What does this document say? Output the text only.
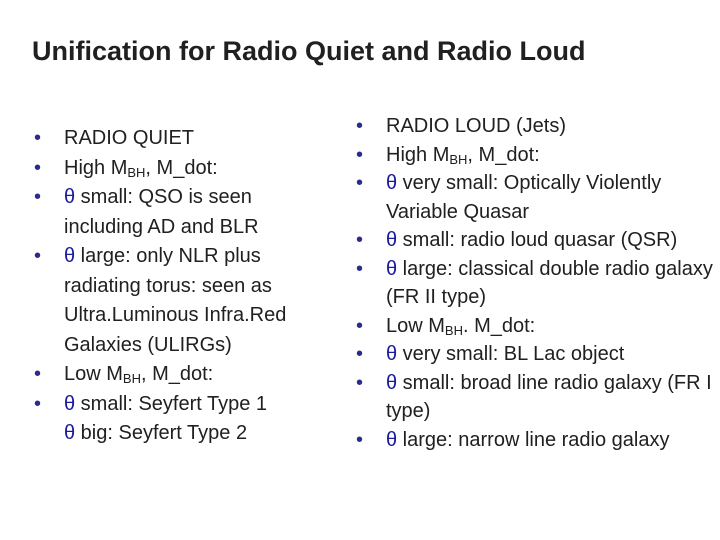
Unification for Radio Quiet and Radio Loud
• RADIO QUIET
• High $M_{BH}$, M_dot:
• θ small: QSO is seen including AD and BLR
• θ large: only NLR plus radiating torus: seen as Ultra.Luminous Infra.Red Galaxies (ULIRGs)
• Low $M_{BH}$, M_dot:
• θ small: Seyfert Type 1
θ big: Seyfert Type 2
• RADIO LOUD (Jets)
• High $M_{BH}$, M_dot:
• θ very small: Optically Violently Variable Quasar
• θ small: radio loud quasar (QSR)
• θ large: classical double radio galaxy (FR II type)
• Low $M_{BH}$. M_dot:
• θ very small: BL Lac object
• θ small: broad line radio galaxy (FR I type)
• θ large: narrow line radio galaxy
